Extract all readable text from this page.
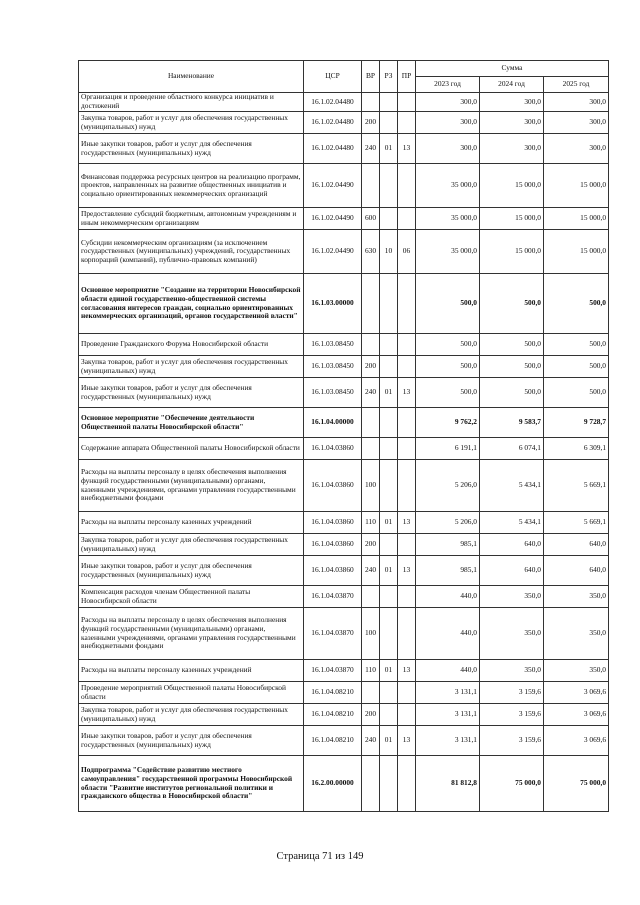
Наименование	ЦСР	ВР	РЗ	ПР	Сумма		
					2023 год	2024 год	2025 год
Организация и проведение областного конкурса инициатив и достижений	16.1.02.04480				300,0	300,0	300,0
Закупка товаров, работ и услуг для обеспечения государственных (муниципальных) нужд	16.1.02.04480	200			300,0	300,0	300,0
Иные закупки товаров, работ и услуг для обеспечения государственных (муниципальных) нужд	16.1.02.04480	240	01	13	300,0	300,0	300,0
Финансовая поддержка ресурсных центров на реализацию программ, проектов, направленных на развитие общественных инициатив и социально ориентированных некоммерческих организаций	16.1.02.04490				35 000,0	15 000,0	15 000,0
Предоставление субсидий бюджетным, автономным учреждениям и иным некоммерческим организациям	16.1.02.04490	600			35 000,0	15 000,0	15 000,0
Субсидии некоммерческим организациям (за исключением государственных (муниципальных) учреждений, государственных корпораций (компаний), публично-правовых компаний)	16.1.02.04490	630	10	06	35 000,0	15 000,0	15 000,0
Основное мероприятие "Создание на территории Новосибирской области единой государственно-общественной системы согласования интересов граждан, социально ориентированных некоммерческих организаций, органов государственной власти"	16.1.03.00000				500,0	500,0	500,0
Проведение Гражданского Форума Новосибирской области	16.1.03.08450				500,0	500,0	500,0
Закупка товаров, работ и услуг для обеспечения государственных (муниципальных) нужд	16.1.03.08450	200			500,0	500,0	500,0
Иные закупки товаров, работ и услуг для обеспечения государственных (муниципальных) нужд	16.1.03.08450	240	01	13	500,0	500,0	500,0
Основное мероприятие "Обеспечение деятельности Общественной палаты Новосибирской области"	16.1.04.00000				9 762,2	9 583,7	9 728,7
Содержание аппарата Общественной палаты Новосибирской области	16.1.04.03860				6 191,1	6 074,1	6 309,1
Расходы на выплаты персоналу в целях обеспечения выполнения функций государственными (муниципальными) органами, казенными учреждениями, органами управления государственными внебюджетными фондами	16.1.04.03860	100			5 206,0	5 434,1	5 669,1
Расходы на выплаты персоналу казенных учреждений	16.1.04.03860	110	01	13	5 206,0	5 434,1	5 669,1
Закупка товаров, работ и услуг для обеспечения государственных (муниципальных) нужд	16.1.04.03860	200			985,1	640,0	640,0
Иные закупки товаров, работ и услуг для обеспечения государственных (муниципальных) нужд	16.1.04.03860	240	01	13	985,1	640,0	640,0
Компенсация расходов членам Общественной палаты Новосибирской области	16.1.04.03870				440,0	350,0	350,0
Расходы на выплаты персоналу в целях обеспечения выполнения функций государственными (муниципальными) органами, казенными учреждениями, органами управления государственными внебюджетными фондами	16.1.04.03870	100			440,0	350,0	350,0
Расходы на выплаты персоналу казенных учреждений	16.1.04.03870	110	01	13	440,0	350,0	350,0
Проведение мероприятий Общественной палаты Новосибирской области	16.1.04.08210				3 131,1	3 159,6	3 069,6
Закупка товаров, работ и услуг для обеспечения государственных (муниципальных) нужд	16.1.04.08210	200			3 131,1	3 159,6	3 069,6
Иные закупки товаров, работ и услуг для обеспечения государственных (муниципальных) нужд	16.1.04.08210	240	01	13	3 131,1	3 159,6	3 069,6
Подпрограмма "Содействие развитию местного самоуправления" государственной программы Новосибирской области "Развитие институтов региональной политики и гражданского общества в Новосибирской области"	16.2.00.00000				81 812,8	75 000,0	75 000,0
Страница 71 из 149
